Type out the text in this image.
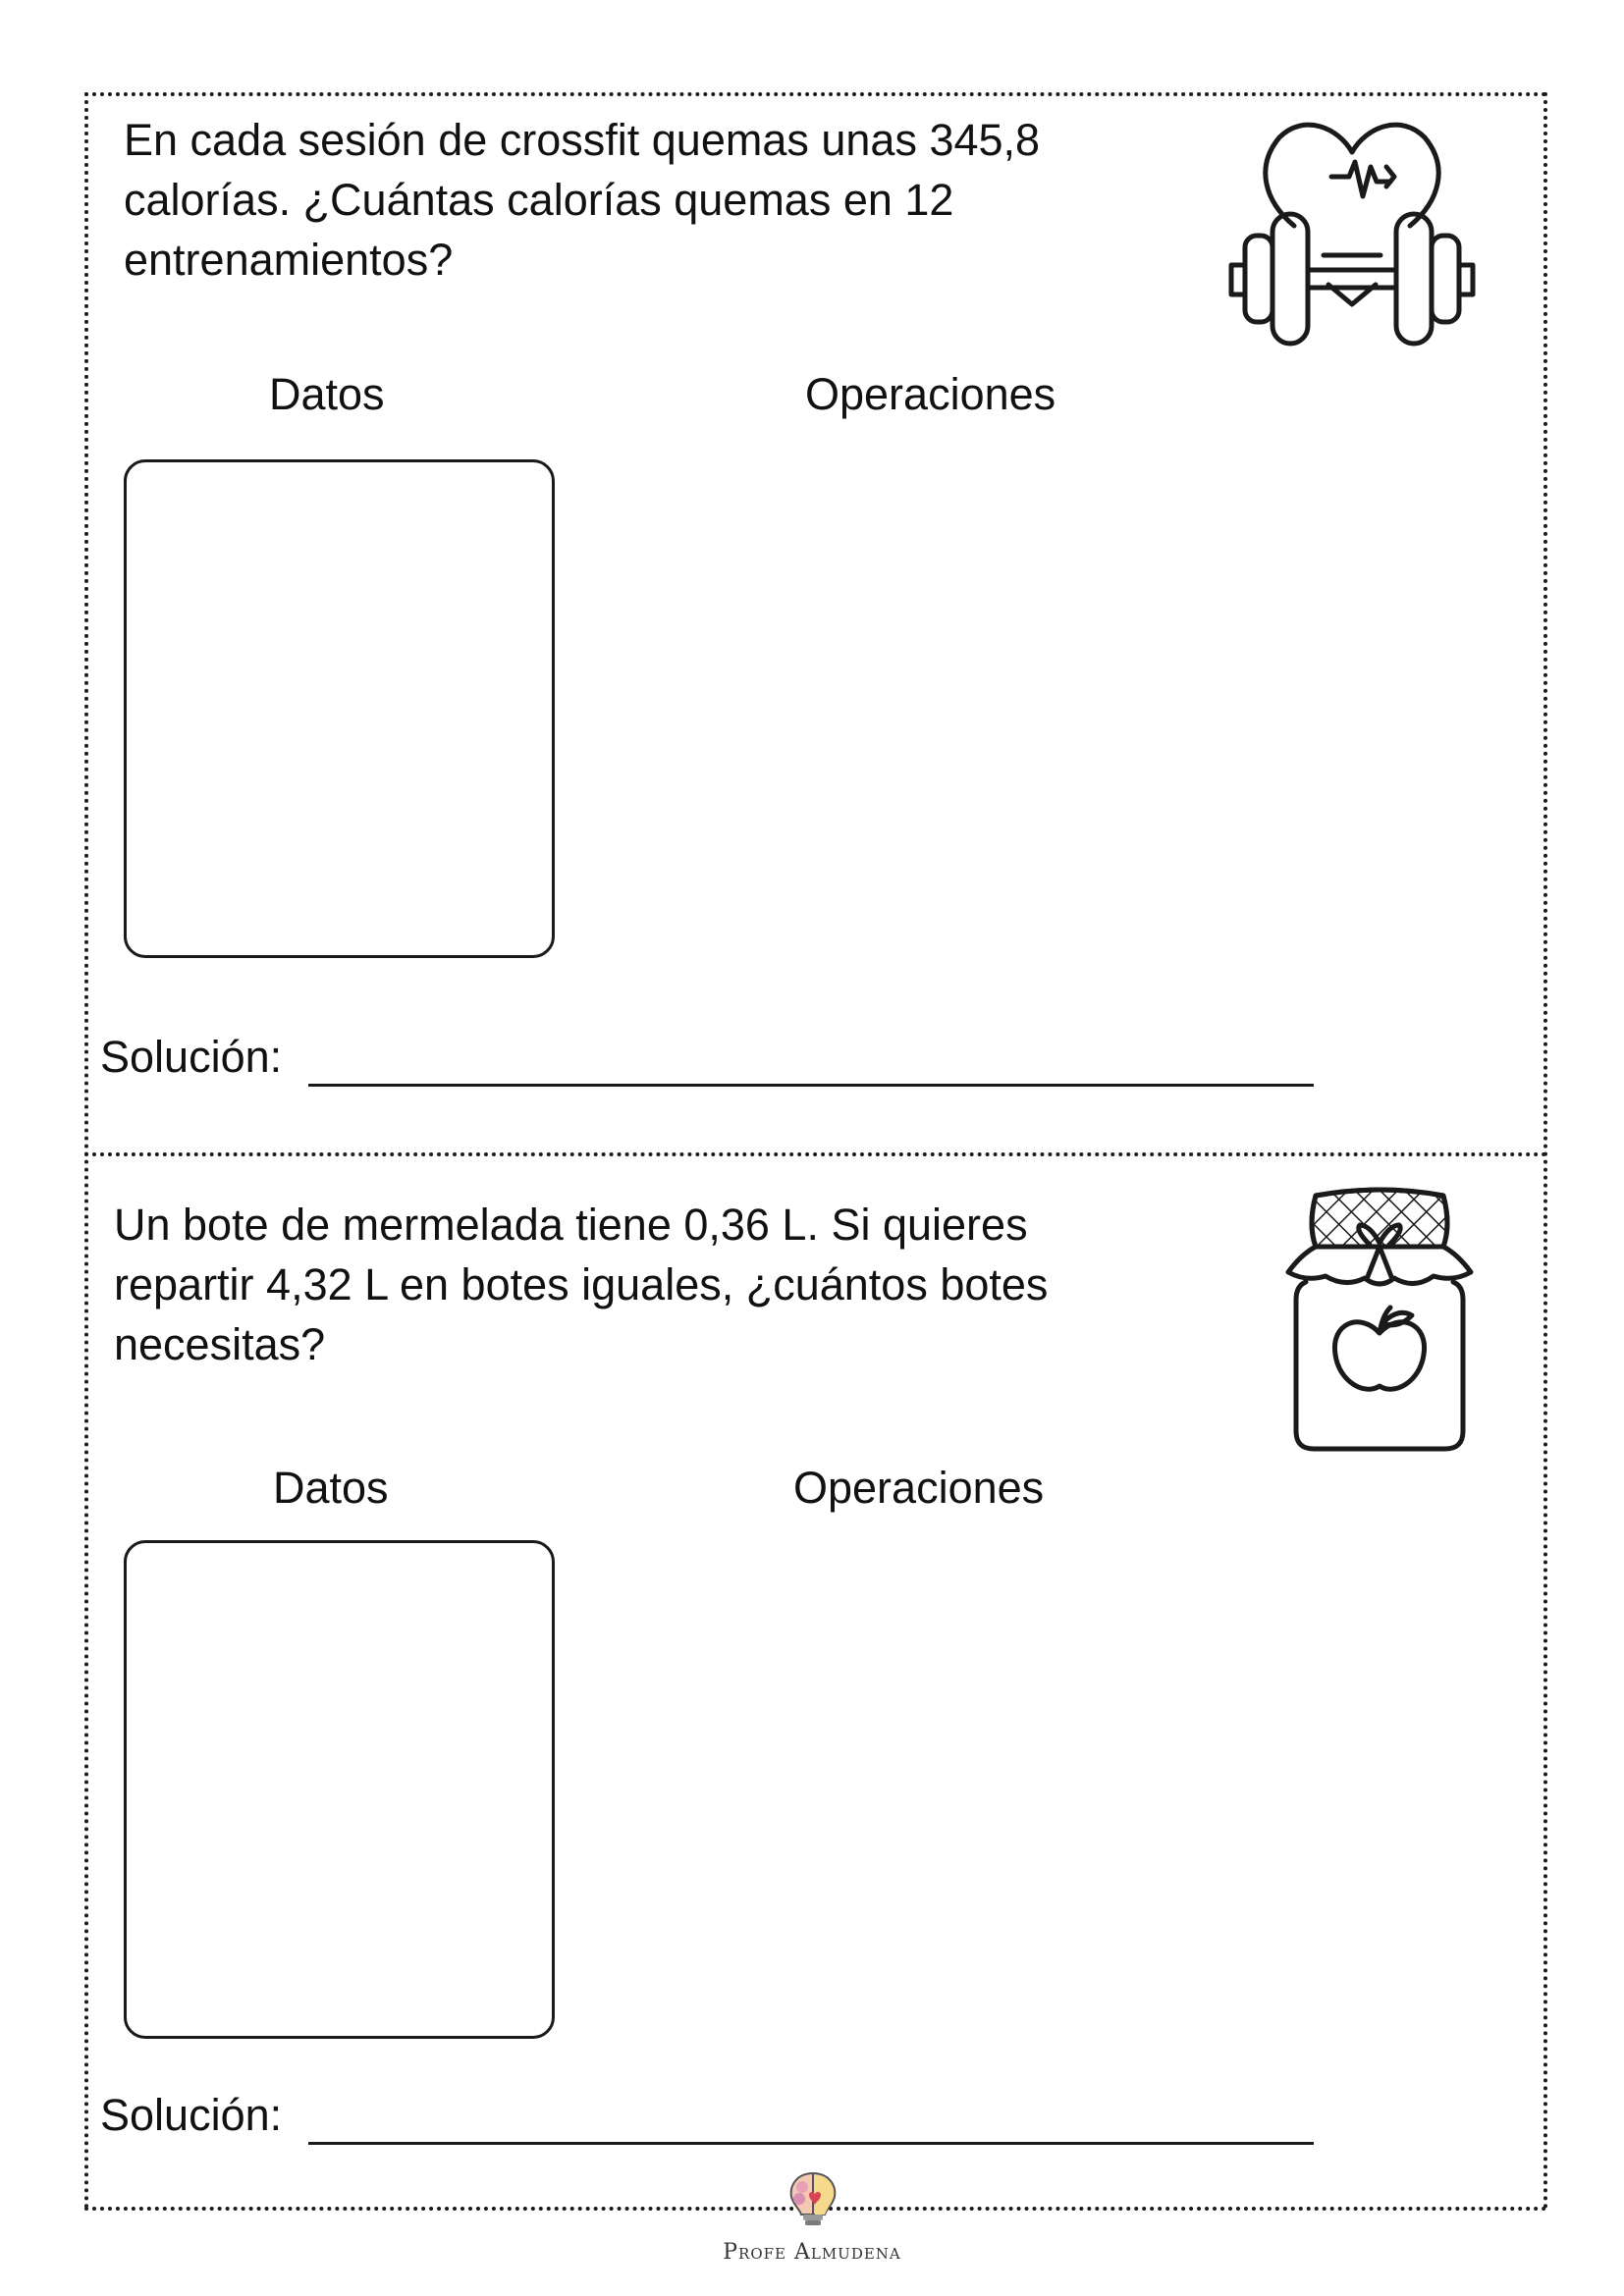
En cada sesión de crossfit quemas unas 345,8 calorías. ¿Cuántas calorías quemas en 12 entrenamientos?

Datos	Operaciones
Solución:

Un bote de mermelada tiene 0,36 L. Si quieres repartir 4,32 L en botes iguales, ¿cuántos botes necesitas?

Datos	Operaciones
Solución:
Profe Almudena
